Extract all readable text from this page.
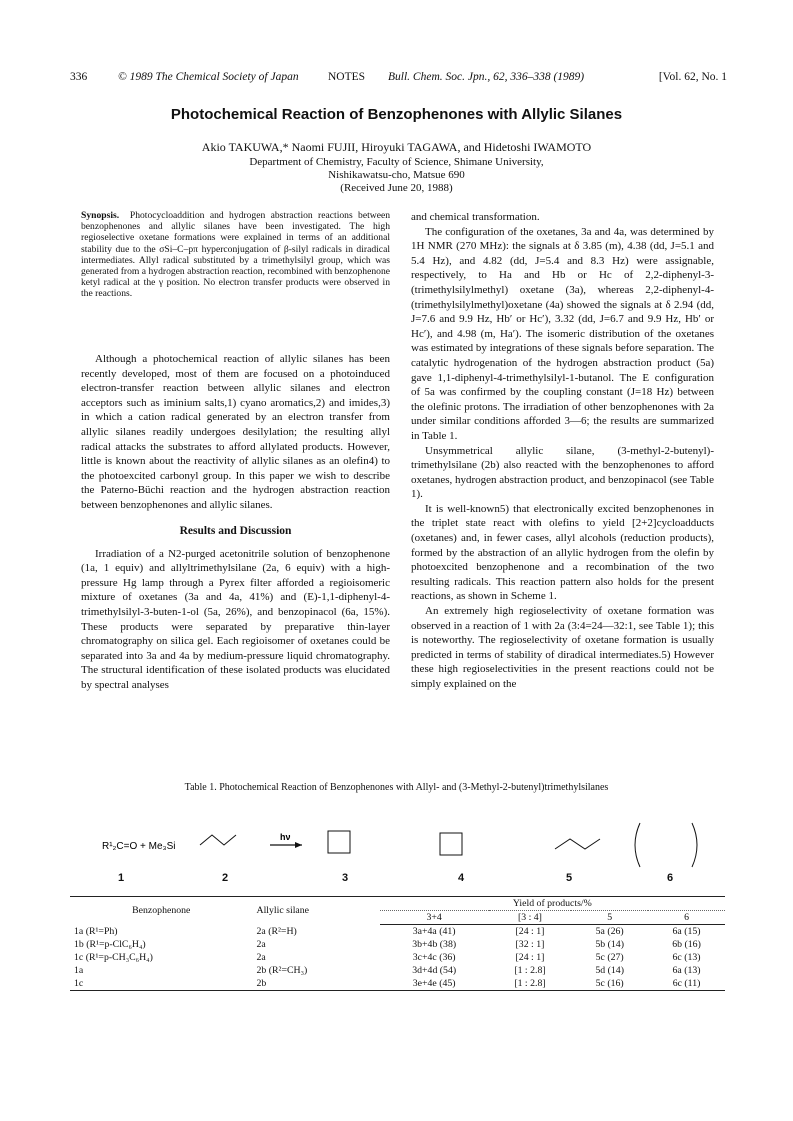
336	© 1989 The Chemical Society of Japan	NOTES Bull. Chem. Soc. Jpn., 62, 336–338 (1989)	[Vol. 62, No. 1
Photochemical Reaction of Benzophenones with Allylic Silanes
Akio TAKUWA,* Naomi FUJII, Hiroyuki TAGAWA, and Hidetoshi IWAMOTO
Department of Chemistry, Faculty of Science, Shimane University,
Nishikawatsu-cho, Matsue 690
(Received June 20, 1988)
Synopsis. Photocycloaddition and hydrogen abstraction reactions between benzophenones and allylic silanes have been investigated. The high regioselective oxetane formations were explained in terms of an additional stability due to the σSi–C–pπ hyperconjugation of β-silyl radicals in diradical intermediates. Allyl radical substituted by a trimethylsilyl group, which was generated from a hydrogen abstraction reaction, recombined with benzophenone ketyl radical at the γ position. No electron transfer products were observed in the reactions.

Although a photochemical reaction of allylic silanes has been recently developed, most of them are focused on a photoinduced electron-transfer reaction between allylic silanes and electron acceptors such as iminium salts,1) cyano aromatics,2) and imides,3) in which a cation radical generated by an electron transfer from allylic silanes readily undergoes desilylation; the resulting allyl radical attacks the substrates to afford allylated products. However, little is known about the reactivity of allylic silanes as an olefin4) to the photoexcited carbonyl group. In this paper we wish to describe the Paterno-Büchi reaction and the hydrogen abstraction reaction between benzophenones and allylic silanes.

Results and Discussion

Irradiation of a N2-purged acetonitrile solution of benzophenone (1a, 1 equiv) and allyltrimethylsilane (2a, 6 equiv) with a high-pressure Hg lamp through a Pyrex filter afforded a regioisomeric mixture of oxetanes (3a and 4a, 41%) and (E)-1,1-diphenyl-4-trimethylsilyl-3-buten-1-ol (5a, 26%), and benzopinacol (6a, 15%). These products were separated by preparative thin-layer chromatography on silica gel. Each regioisomer of oxetanes could be separated into 3a and 4a by medium-pressure liquid chromatography. The structural identification of these isolated products was elucidated by spectral analyses

and chemical transformation.

The configuration of the oxetanes, 3a and 4a, was determined by 1H NMR (270 MHz): the signals at δ 3.85 (m), 4.38 (dd, J=5.1 and 5.4 Hz), and 4.82 (dd, J=5.4 and 8.3 Hz) were assignable, respectively, to Ha and Hb or Hc of 2,2-diphenyl-3-(trimethylsilylmethyl) oxetane (3a), whereas 2,2-diphenyl-4-(trimethylsilylmethyl)oxetane (4a) showed the signals at δ 2.94 (dd, J=7.6 and 9.9 Hz, Hb′ or Hc′), 3.32 (dd, J=6.7 and 9.9 Hz, Hb′ or Hc′), and 4.98 (m, Ha′). The isomeric distribution of the oxetanes was estimated by integrations of these signals before separation. The catalytic hydrogenation of the hydrogen abstraction product (5a) gave 1,1-diphenyl-4-trimethylsilyl-1-butanol. The E configuration of 5a was confirmed by the coupling constant (J=18 Hz) between the olefinic protons. The irradiation of other benzophenones with 2a under similar conditions afforded 3—6; the results are summarized in Table 1.

Unsymmetrical allylic silane, (3-methyl-2-butenyl)-trimethylsilane (2b) also reacted with the benzophenones to afford oxetanes, hydrogen abstraction product, and benzopinacol (see Table 1).

It is well-known5) that electronically excited benzophenones in the triplet state react with olefins to yield [2+2]cycloadducts (oxetanes) and, in fewer cases, allyl alcohols (reduction products), formed by the abstraction of an allylic hydrogen from the olefin by photoexcited benzophenone and a recombination of the two resulting radicals. This reaction pattern also holds for the present reactions, as shown in Scheme 1.

An extremely high regioselectivity of oxetane formation was observed in a reaction of 1 with 2a (3:4=24—32:1, see Table 1); this is noteworthy. The regioselectivity of oxetane formation is usually predicted in terms of stability of diradical intermediates.5) However these high regioselectivities in the present reactions could not be simply explained on the

Table 1. Photochemical Reaction of Benzophenones with Allyl- and (3-Methyl-2-butenyl)trimethylsilanes
R¹₂C=O + Me₃Si
hν
1	2	3	4	5	6
Benzophenone	Allylic silane	Yield of products/%			
		3+4	[3 : 4]	5	6
1a (R¹=Ph)	2a (R²=H)	3a+4a (41)	[24 : 1]	5a (26)	6a (15)
1b (R¹=p-ClC₆H₄)	2a	3b+4b (38)	[32 : 1]	5b (14)	6b (16)
1c (R¹=p-CH₃C₆H₄)	2a	3c+4c (36)	[24 : 1]	5c (27)	6c (13)
1a	2b (R²=CH₃)	3d+4d (54)	[1 : 2.8]	5d (14)	6a (13)
1c	2b	3e+4e (45)	[1 : 2.8]	5c (16)	6c (11)
